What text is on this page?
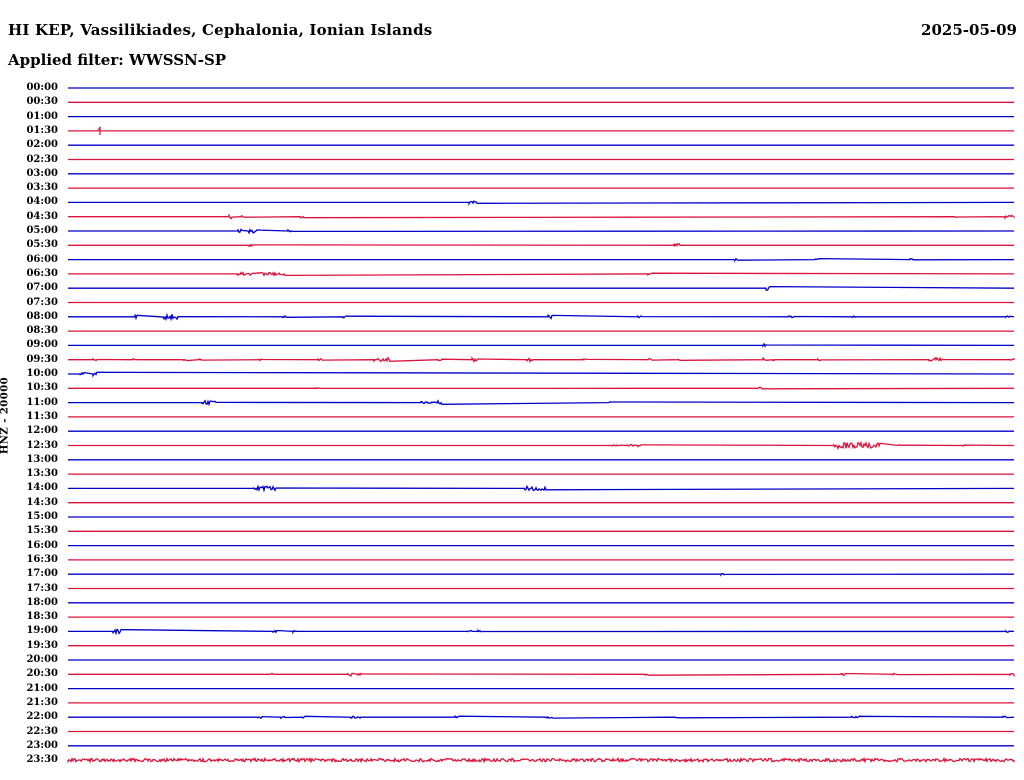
HI KEP, Vassilikiades, Cephalonia, Ionian Islands	2025-05-09
Applied filter: WWSSN-SP
HNZ - 20000
00:00
00:30
01:00
01:30
02:00
02:30
03:00
03:30
04:00
04:30
05:00
05:30
06:00
06:30
07:00
07:30
08:00
08:30
09:00
09:30
10:00
10:30
11:00
11:30
12:00
12:30
13:00
13:30
14:00
14:30
15:00
15:30
16:00
16:30
17:00
17:30
18:00
18:30
19:00
19:30
20:00
20:30
21:00
21:30
22:00
22:30
23:00
23:30
